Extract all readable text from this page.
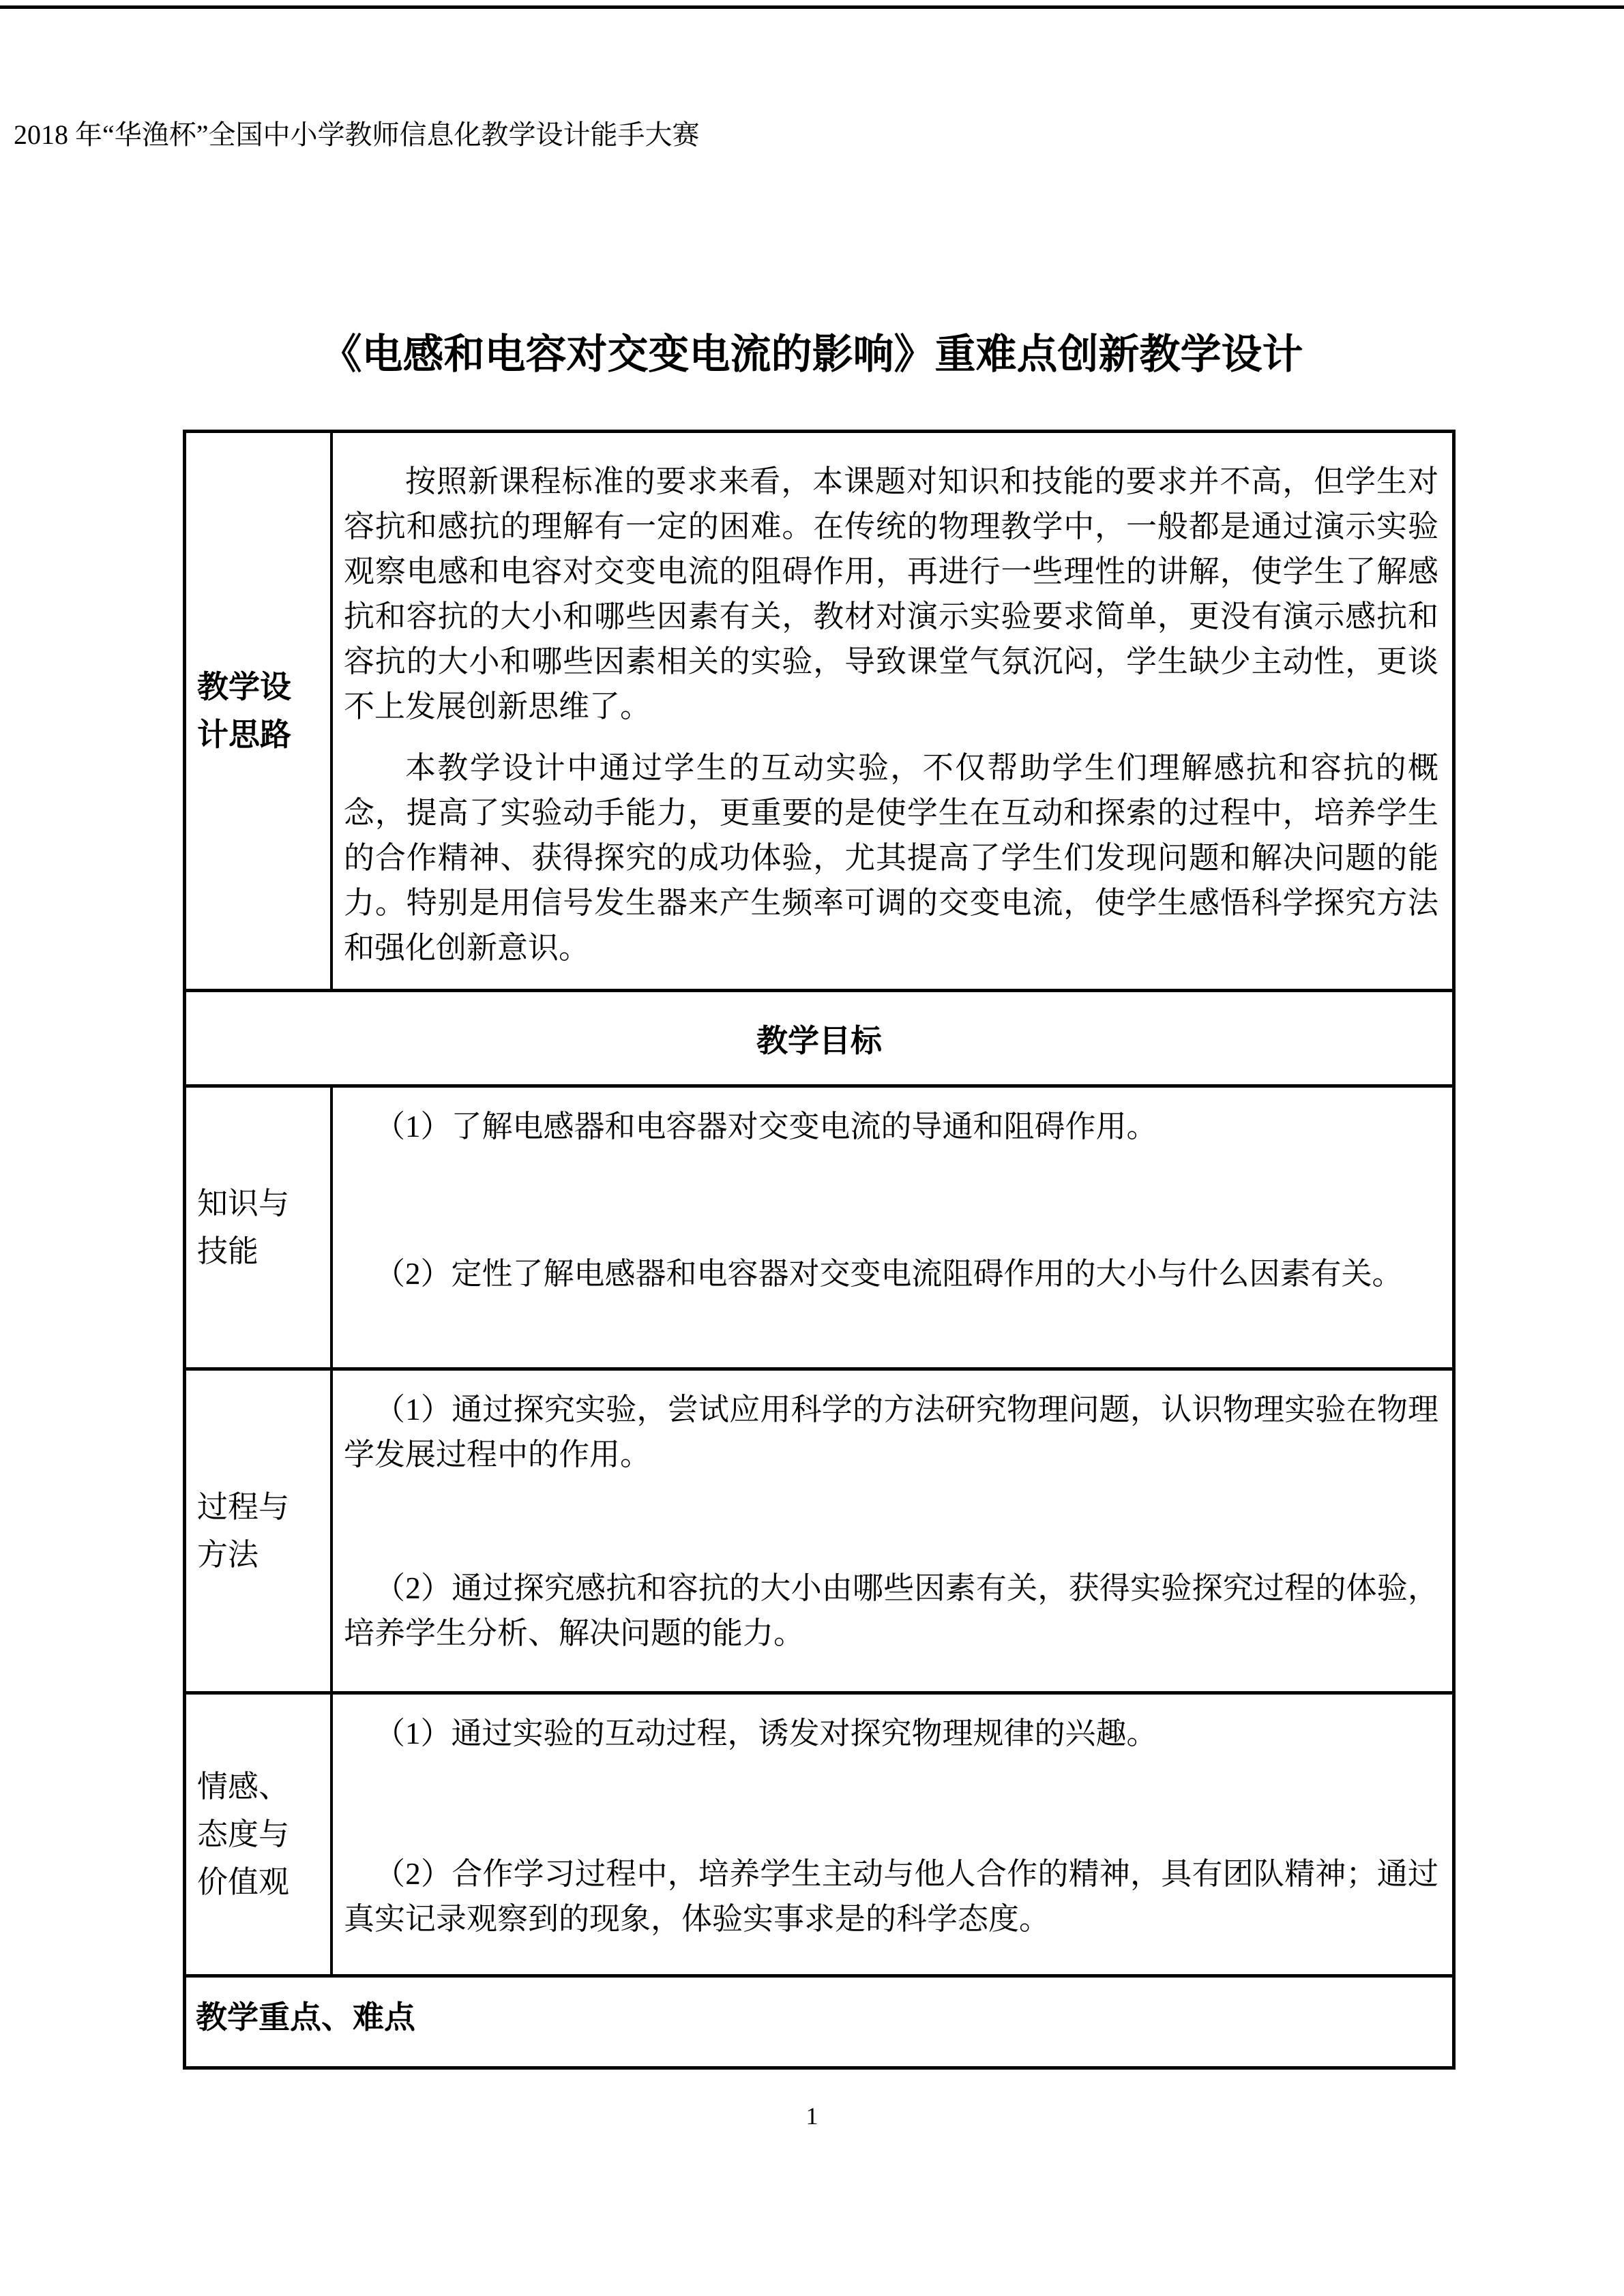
2018 年“华渔杯”全国中小学教师信息化教学设计能手大赛
《电感和电容对交变电流的影响》重难点创新教学设计
教学设计思路

按照新课程标准的要求来看，本课题对知识和技能的要求并不高，但学生对容抗和感抗的理解有一定的困难。在传统的物理教学中，一般都是通过演示实验观察电感和电容对交变电流的阻碍作用，再进行一些理性的讲解，使学生了解感抗和容抗的大小和哪些因素有关，教材对演示实验要求简单，更没有演示感抗和容抗的大小和哪些因素相关的实验，导致课堂气氛沉闷，学生缺少主动性，更谈不上发展创新思维了。

本教学设计中通过学生的互动实验，不仅帮助学生们理解感抗和容抗的概念，提高了实验动手能力，更重要的是使学生在互动和探索的过程中，培养学生的合作精神、获得探究的成功体验，尤其提高了学生们发现问题和解决问题的能力。特别是用信号发生器来产生频率可调的交变电流，使学生感悟科学探究方法和强化创新意识。

教学目标
知识与技能

（1）了解电感器和电容器对交变电流的导通和阻碍作用。

（2）定性了解电感器和电容器对交变电流阻碍作用的大小与什么因素有关。

过程与方法

（1）通过探究实验，尝试应用科学的方法研究物理问题，认识物理实验在物理学发展过程中的作用。

（2）通过探究感抗和容抗的大小由哪些因素有关，获得实验探究过程的体验，培养学生分析、解决问题的能力。

情感、态度与价值观

（1）通过实验的互动过程，诱发对探究物理规律的兴趣。

（2）合作学习过程中，培养学生主动与他人合作的精神，具有团队精神；通过真实记录观察到的现象，体验实事求是的科学态度。

教学重点、难点
1
